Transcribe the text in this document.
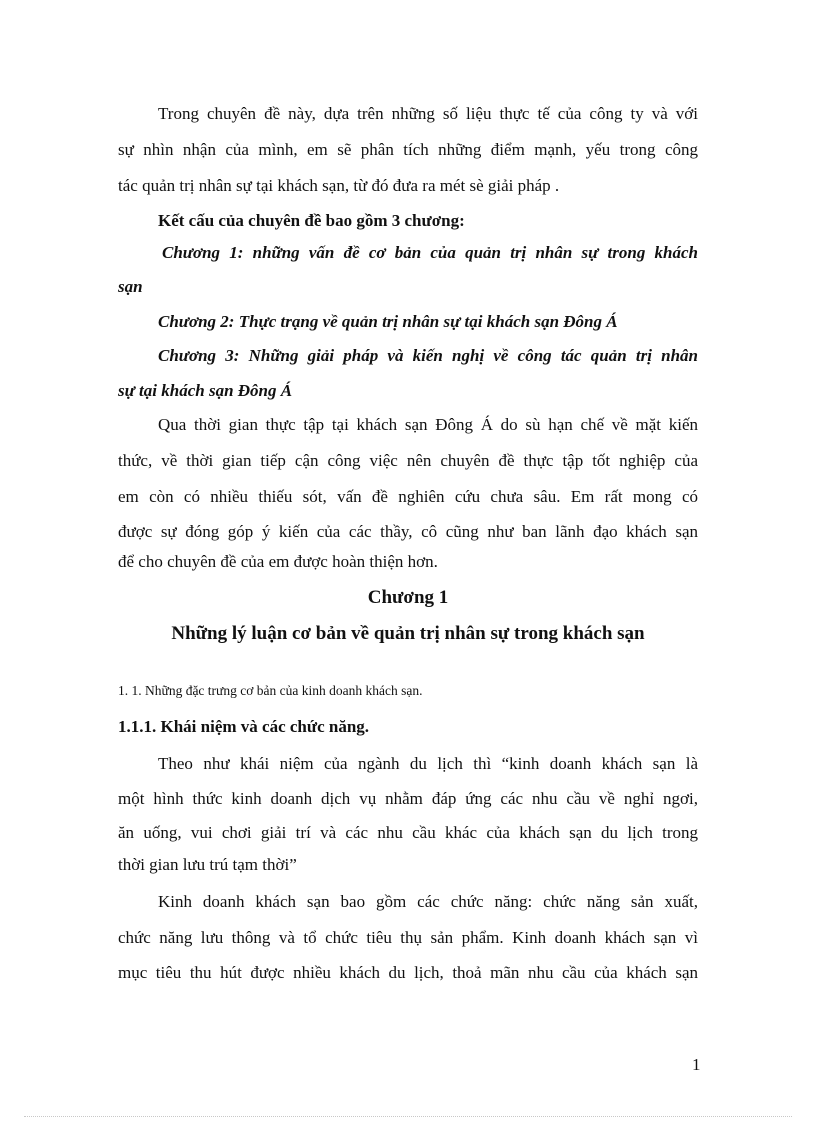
Trong chuyên đề này, dựa trên những số liệu thực tế của công ty và với
sự nhìn nhận của mình, em sẽ phân tích những điểm mạnh, yếu trong công
tác quản trị nhân sự tại khách sạn, từ đó đưa ra mét sè giải pháp .
Kết cấu của chuyên đề bao gồm 3 chương:
Chương 1: những vấn đề cơ bản của quản trị nhân sự trong khách
sạn
Chương 2: Thực trạng về quản trị nhân sự tại khách sạn Đông Á
Chương 3: Những giải pháp và kiến nghị về công tác quản trị nhân
sự tại khách sạn Đông Á
Qua thời gian thực tập tại khách sạn Đông Á do sù hạn chế về mặt kiến
thức, về thời gian tiếp cận công việc nên chuyên đề thực tập tốt nghiệp của
em còn có nhiều thiếu sót, vấn đề nghiên cứu chưa sâu. Em rất mong có
được sự đóng góp ý kiến của các thầy, cô cũng như ban lãnh đạo khách sạn
để cho chuyên đề của em được hoàn thiện hơn.
Chương 1
Những lý luận cơ bản về quản trị nhân sự trong khách sạn
1. 1. Những đặc trưng cơ bản của kinh doanh khách sạn.
1.1.1. Khái niệm và các chức năng.
Theo như khái niệm của ngành du lịch thì “kinh doanh khách sạn là
một hình thức kinh doanh dịch vụ nhằm đáp ứng các nhu cầu về nghỉ ngơi,
ăn uống, vui chơi giải trí và các nhu cầu khác của khách sạn du lịch trong
thời gian lưu trú tạm thời”
Kinh doanh khách sạn bao gồm các chức năng: chức năng sản xuất,
chức năng lưu thông và tổ chức tiêu thụ sản phẩm. Kinh doanh khách sạn vì
mục tiêu thu hút được nhiều khách du lịch, thoả mãn nhu cầu của khách sạn
1
